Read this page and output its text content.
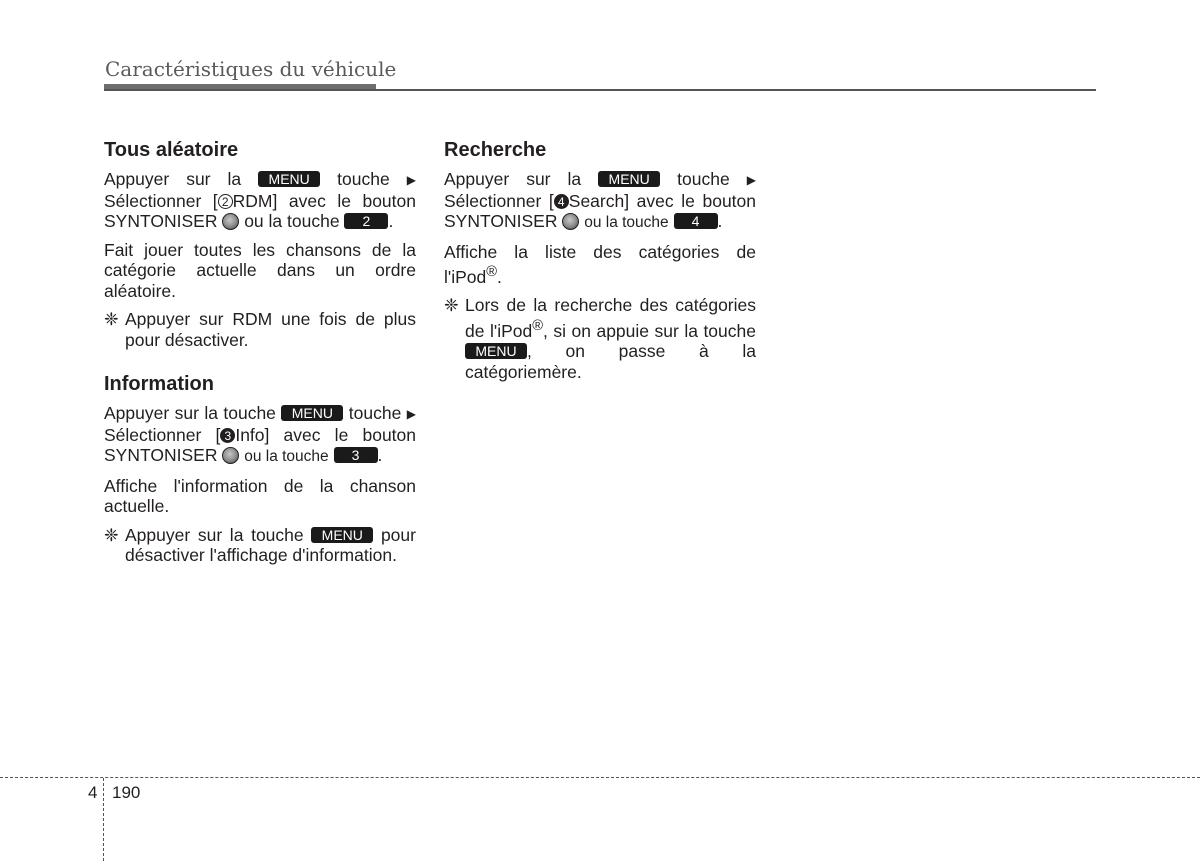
Caractéristiques du véhicule
Tous aléatoire

Appuyer sur la MENU touche ▶ Sélectionner [ 2 RDM] avec le bouton SYNTONISER ou la touche 2 .

Fait jouer toutes les chansons de la catégorie actuelle dans un ordre aléatoire.

❈ Appuyer sur RDM une fois de plus pour désactiver.
Information

Appuyer sur la touche MENU touche ▶ Sélectionner [ 3 Info] avec le bouton SYNTONISER ou la touche 3 .

Affiche l'information de la chanson actuelle.

❈ Appuyer sur la touche MENU pour désactiver l'affichage d'information.
Recherche

Appuyer sur la MENU touche ▶ Sélectionner [ 4 Search] avec le bouton SYNTONISER ou la touche 4 .

Affiche la liste des catégories de l'iPod®.

❈ Lors de la recherche des catégories de l'iPod®, si on appuie sur la touche MENU , on passe à la catégoriemère.
4 190
